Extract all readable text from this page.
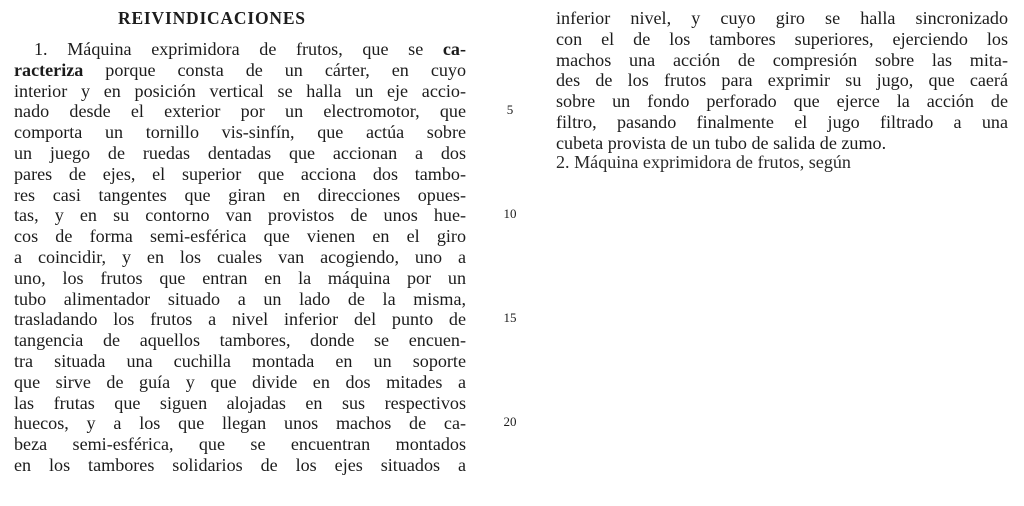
REIVINDICACIONES
1. Máquina exprimidora de frutos, que se ca-
racteriza porque consta de un cárter, en cuyo
interior y en posición vertical se halla un eje accio-
nado desde el exterior por un electromotor, que
comporta un tornillo vis-sinfín, que actúa sobre
un juego de ruedas dentadas que accionan a dos
pares de ejes, el superior que acciona dos tambo-
res casi tangentes que giran en direcciones opues-
tas, y en su contorno van provistos de unos hue-
cos de forma semi-esférica que vienen en el giro
a coincidir, y en los cuales van acogiendo, uno a
uno, los frutos que entran en la máquina por un
tubo alimentador situado a un lado de la misma,
trasladando los frutos a nivel inferior del punto de
tangencia de aquellos tambores, donde se encuen-
tra situada una cuchilla montada en un soporte
que sirve de guía y que divide en dos mitades a
las frutas que siguen alojadas en sus respectivos
huecos, y a los que llegan unos machos de ca-
beza semi-esférica, que se encuentran montados
en los tambores solidarios de los ejes situados a
5
10
15
20
inferior nivel, y cuyo giro se halla sincronizado
con el de los tambores superiores, ejerciendo los
machos una acción de compresión sobre las mita-
des de los frutos para exprimir su jugo, que caerá
sobre un fondo perforado que ejerce la acción de
filtro, pasando finalmente el jugo filtrado a una
cubeta provista de un tubo de salida de zumo.
2. Máquina exprimidora de frutos, según
